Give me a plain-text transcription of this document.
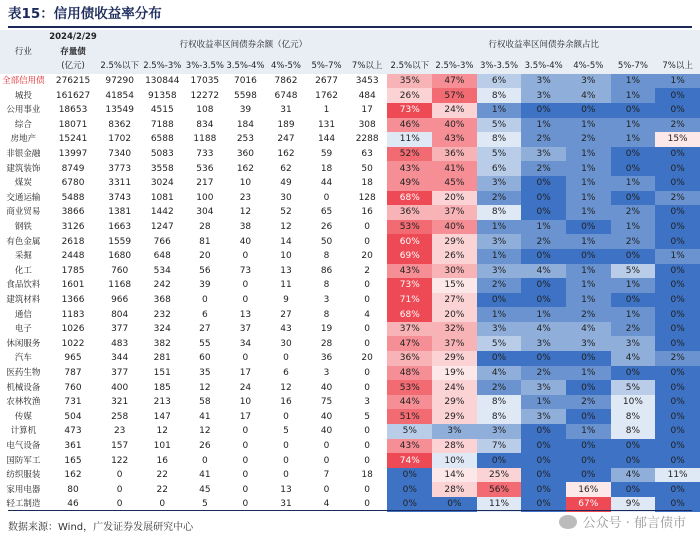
表15：信用债收益率分布
行业	2024/2/29	行权收益率区间债券余额（亿元）							行权收益率区间债券余额占比						
	存量债														
	(亿元)	2.5%以下	2.5%-3%	3%-3.5%	3.5%-4%	4%-5%	5%-7%	7%以上	2.5%以下	2.5%-3%	3%-3.5%	3.5%-4%	4%-5%	5%-7%	7%以上
全部信用债	276215	97290	130844	17035	7016	7862	2677	3453	35%	47%	6%	3%	3%	1%	1%
城投	161627	41854	91358	12272	5598	6748	1762	484	26%	57%	8%	3%	4%	1%	0%
公用事业	18653	13549	4515	108	39	31	1	17	73%	24%	1%	0%	0%	0%	0%
综合	18071	8362	7188	834	184	189	131	308	46%	40%	5%	1%	1%	1%	2%
房地产	15241	1702	6588	1188	253	247	144	2288	11%	43%	8%	2%	2%	1%	15%
非银金融	13997	7340	5083	733	360	162	59	63	52%	36%	5%	3%	1%	0%	0%
建筑装饰	8749	3773	3558	536	162	62	18	50	43%	41%	6%	2%	1%	0%	0%
煤炭	6780	3311	3024	217	10	49	44	18	49%	45%	3%	0%	1%	1%	0%
交通运输	5488	3743	1081	100	23	30	0	128	68%	20%	2%	0%	1%	0%	2%
商业贸易	3866	1381	1442	304	12	52	65	16	36%	37%	8%	0%	1%	2%	0%
钢铁	3126	1663	1247	28	38	12	26	0	53%	40%	1%	1%	0%	1%	0%
有色金属	2618	1559	766	81	40	14	50	0	60%	29%	3%	2%	1%	2%	0%
采掘	2448	1680	648	20	0	10	8	20	69%	26%	1%	0%	0%	0%	1%
化工	1785	760	534	56	73	13	86	2	43%	30%	3%	4%	1%	5%	0%
食品饮料	1601	1168	242	39	0	11	8	0	73%	15%	2%	0%	1%	1%	0%
建筑材料	1366	966	368	0	0	9	3	0	71%	27%	0%	0%	1%	0%	0%
通信	1183	804	232	6	13	27	8	4	68%	20%	1%	1%	2%	1%	0%
电子	1026	377	324	27	37	43	19	0	37%	32%	3%	4%	4%	2%	0%
休闲服务	1022	483	382	55	34	30	28	0	47%	37%	5%	3%	3%	3%	0%
汽车	965	344	281	60	0	0	36	20	36%	29%	0%	0%	0%	4%	2%
医药生物	787	377	151	35	17	6	3	0	48%	19%	4%	2%	1%	0%	0%
机械设备	760	400	185	12	24	12	40	0	53%	24%	2%	3%	0%	5%	0%
农林牧渔	731	321	213	58	10	16	75	3	44%	29%	8%	1%	2%	10%	0%
传媒	504	258	147	41	17	0	40	5	51%	29%	8%	3%	0%	8%	0%
计算机	473	23	12	12	0	5	40	0	5%	3%	3%	0%	1%	8%	0%
电气设备	361	157	101	26	0	0	0	0	43%	28%	7%	0%	0%	0%	0%
国防军工	165	122	16	0	0	0	0	0	74%	10%	0%	0%	0%	0%	0%
纺织服装	162	0	22	41	0	0	7	18	0%	14%	25%	0%	0%	4%	11%
家用电器	80	0	22	45	0	13	0	0	0%	28%	56%	0%	16%	0%	0%
轻工制造	46	0	0	5	0	31	4	0	0%	0%	11%	0%	67%	9%	0%
数据来源：Wind，广发证券发展研究中心	公众号 · 郁言债市
